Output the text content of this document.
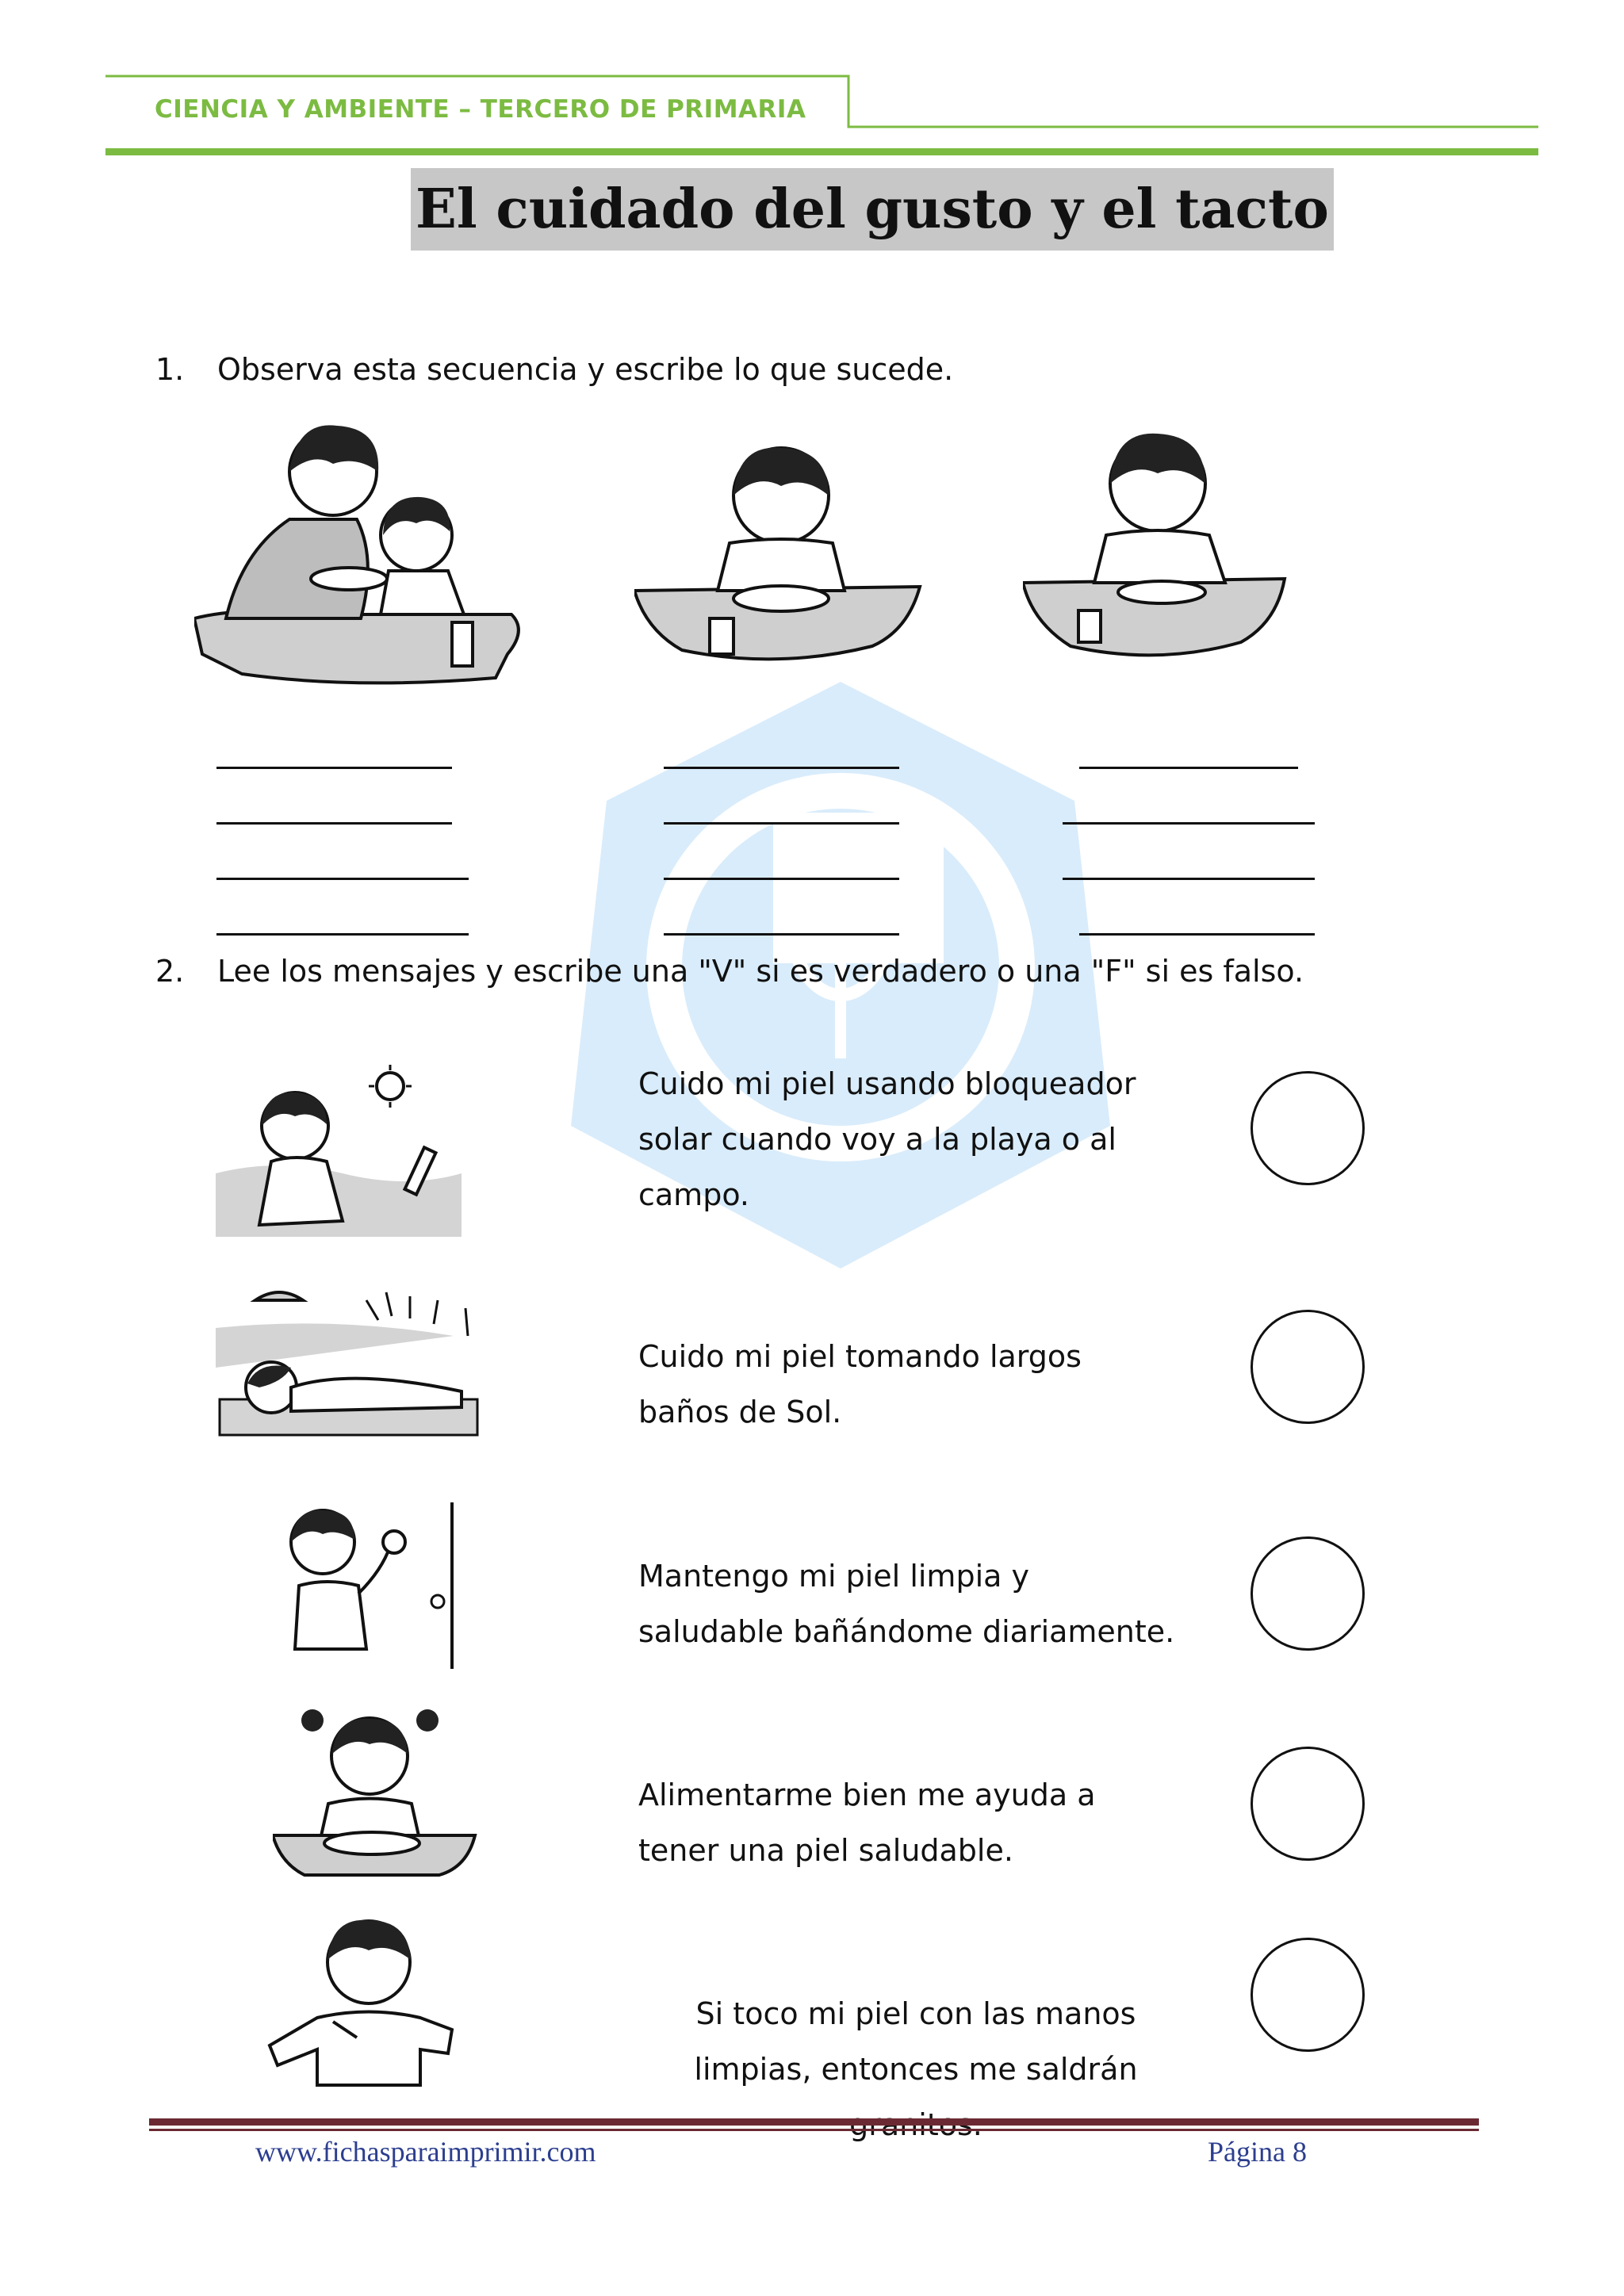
CIENCIA Y AMBIENTE – TERCERO DE PRIMARIA
El cuidado del gusto y el tacto
1. Observa esta secuencia y escribe lo que sucede.
2. Lee los mensajes y escribe una "V" si es verdadero o una "F" si es falso.
Cuido mi piel usando bloqueador solar cuando voy a la playa o al campo.
Cuido mi piel tomando largos baños de Sol.
Mantengo mi piel limpia y saludable bañándome diariamente.
Alimentarme bien me ayuda a tener una piel saludable.
Si toco mi piel con las manos limpias, entonces me saldrán
www.fichasparaimprimir.com	Página 8
